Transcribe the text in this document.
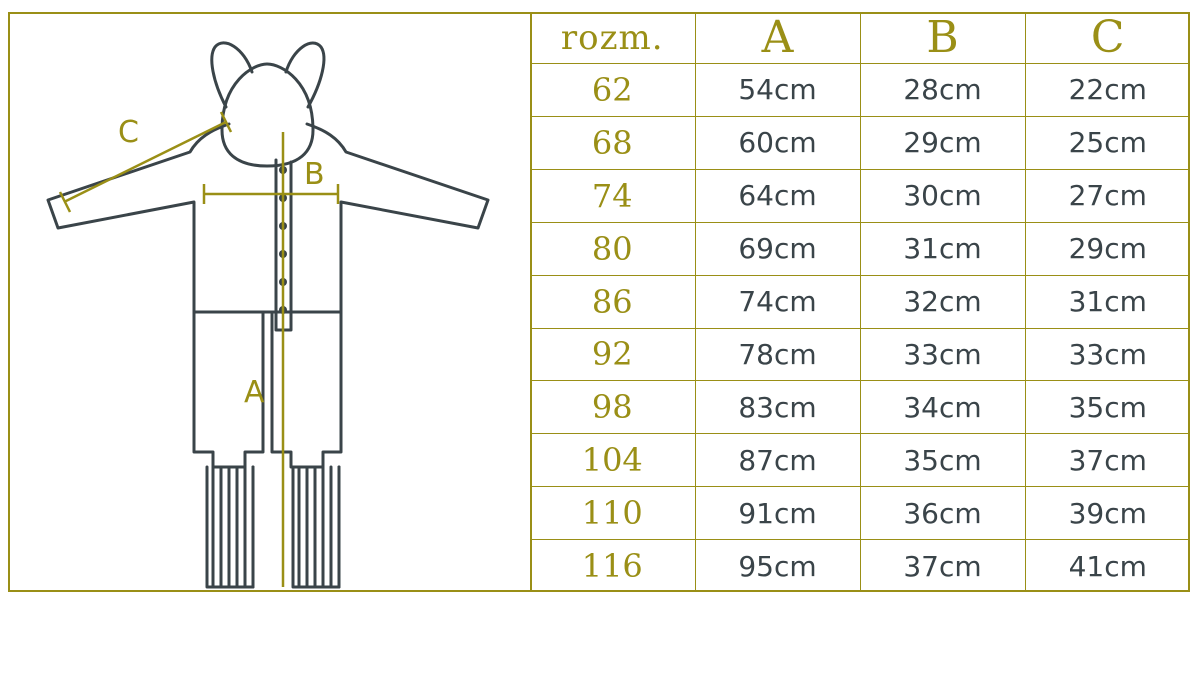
A
B
C
rozm.	A	B	C
62	54cm	28cm	22cm
68	60cm	29cm	25cm
74	64cm	30cm	27cm
80	69cm	31cm	29cm
86	74cm	32cm	31cm
92	78cm	33cm	33cm
98	83cm	34cm	35cm
104	87cm	35cm	37cm
110	91cm	36cm	39cm
116	95cm	37cm	41cm
